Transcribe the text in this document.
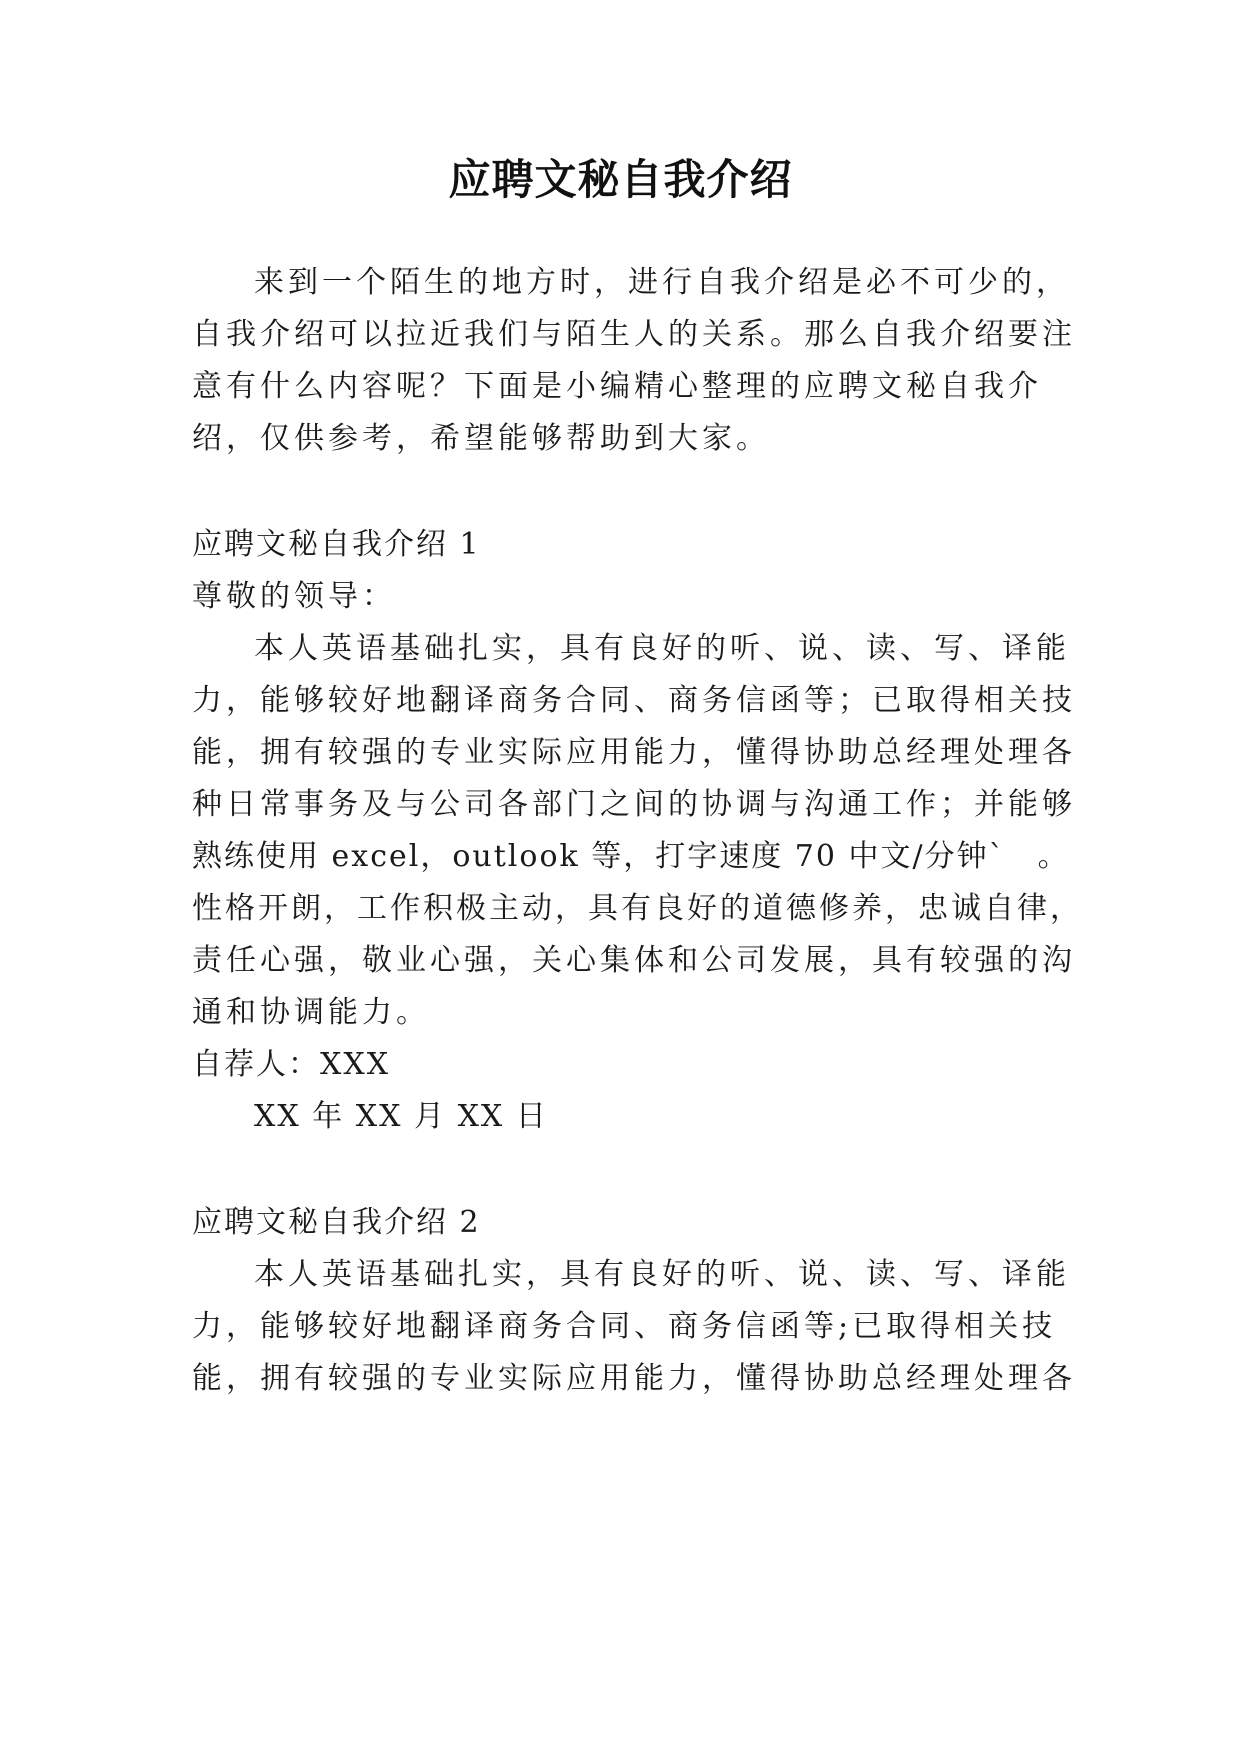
应聘文秘自我介绍
来到一个陌生的地方时，进行自我介绍是必不可少的，
自我介绍可以拉近我们与陌生人的关系。那么自我介绍要注
意有什么内容呢？下面是小编精心整理的应聘文秘自我介
绍，仅供参考，希望能够帮助到大家。
应聘文秘自我介绍 1
尊敬的领导：
本人英语基础扎实，具有良好的听、说、读、写、译能
力，能够较好地翻译商务合同、商务信函等；已取得相关技
能，拥有较强的专业实际应用能力，懂得协助总经理处理各
种日常事务及与公司各部门之间的协调与沟通工作；并能够
熟练使用 excel，outlook 等，打字速度 70 中文/分钟`　。
性格开朗，工作积极主动，具有良好的道德修养，忠诚自律，
责任心强，敬业心强，关心集体和公司发展，具有较强的沟
通和协调能力。
自荐人：XXX
XX 年 XX 月 XX 日
应聘文秘自我介绍 2
本人英语基础扎实，具有良好的听、说、读、写、译能
力，能够较好地翻译商务合同、商务信函等;已取得相关技
能，拥有较强的专业实际应用能力，懂得协助总经理处理各
